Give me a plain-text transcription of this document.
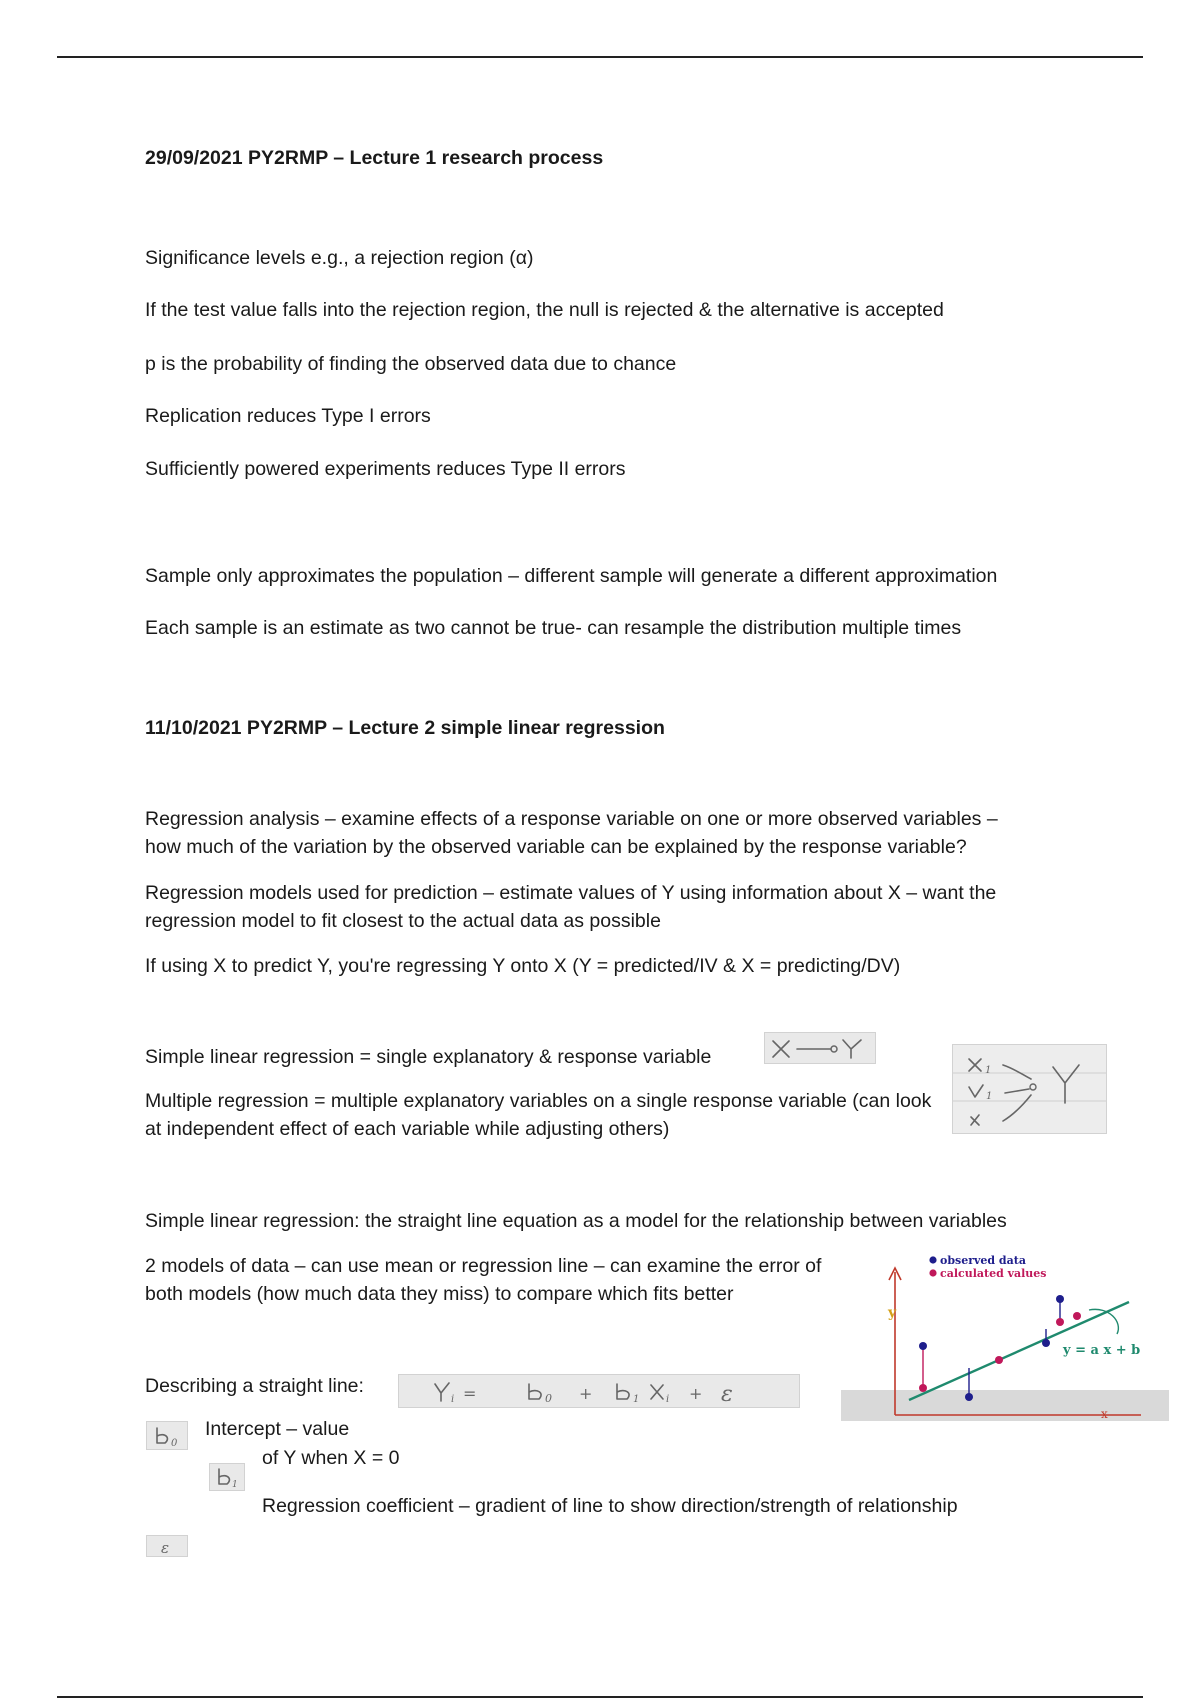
29/09/2021 PY2RMP – Lecture 1 research process
Significance levels e.g., a rejection region (α)
If the test value falls into the rejection region, the null is rejected & the alternative is accepted
p is the probability of finding the observed data due to chance
Replication reduces Type I errors
Sufficiently powered experiments reduces Type II errors
Sample only approximates the population – different sample will generate a different approximation
Each sample is an estimate as two cannot be true- can resample the distribution multiple times
11/10/2021 PY2RMP – Lecture 2 simple linear regression
Regression analysis – examine effects of a response variable on one or more observed variables – how much of the variation by the observed variable can be explained by the response variable?
Regression models used for prediction – estimate values of Y using information about X – want the regression model to fit closest to the actual data as possible
If using X to predict Y, you're regressing Y onto X (Y = predicted/IV & X = predicting/DV)
Simple linear regression = single explanatory & response variable
Multiple regression = multiple explanatory variables on a single response variable (can look at independent effect of each variable while adjusting others)
1
1
Simple linear regression: the straight line equation as a model for the relationship between variables
2 models of data – can use mean or regression line – can examine the error of both models (how much data they miss) to compare which fits better
y
x
y = a x + b
observed data
calculated values
Describing a straight line:
i =	0 +	1	i + ε
0
Intercept – value
of Y when X = 0
1
Regression coefficient – gradient of line to show direction/strength of relationship
ε
